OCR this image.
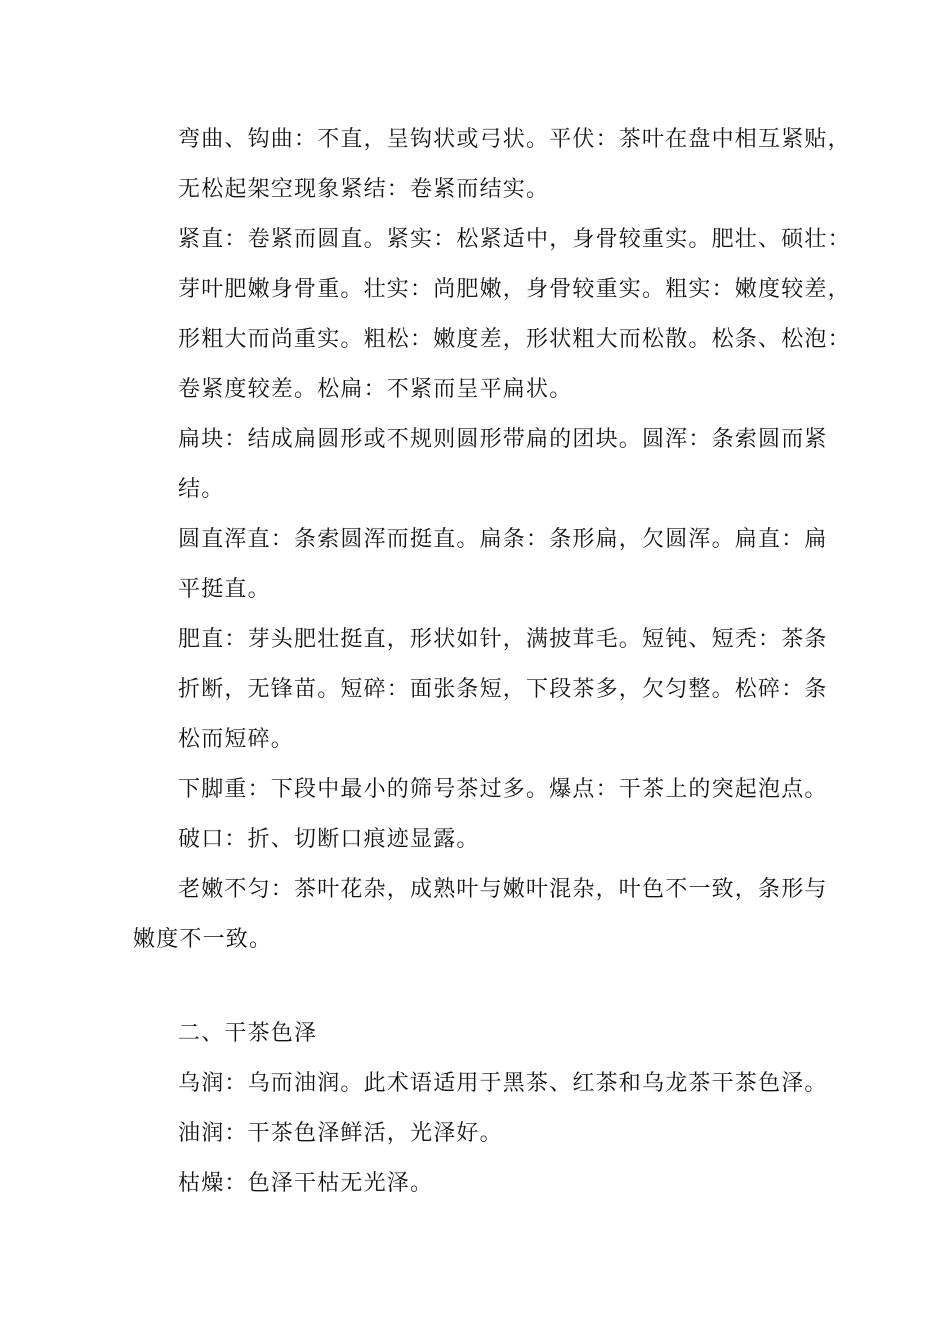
弯曲、钩曲：不直，呈钩状或弓状。平伏：茶叶在盘中相互紧贴，
无松起架空现象紧结：卷紧而结实。
紧直：卷紧而圆直。紧实：松紧适中，身骨较重实。肥壮、硕壮：
芽叶肥嫩身骨重。壮实：尚肥嫩，身骨较重实。粗实：嫩度较差，
形粗大而尚重实。粗松：嫩度差，形状粗大而松散。松条、松泡：
卷紧度较差。松扁：不紧而呈平扁状。
扁块：结成扁圆形或不规则圆形带扁的团块。圆浑：条索圆而紧
结。
圆直浑直：条索圆浑而挺直。扁条：条形扁，欠圆浑。扁直：扁
平挺直。
肥直：芽头肥壮挺直，形状如针，满披茸毛。短钝、短秃：茶条
折断，无锋苗。短碎：面张条短，下段茶多，欠匀整。松碎：条
松而短碎。
下脚重：下段中最小的筛号茶过多。爆点：干茶上的突起泡点。
破口：折、切断口痕迹显露。
老嫩不匀：茶叶花杂，成熟叶与嫩叶混杂，叶色不一致，条形与
嫩度不一致。
二、干茶色泽
乌润：乌而油润。此术语适用于黑茶、红茶和乌龙茶干茶色泽。
油润：干茶色泽鲜活，光泽好。
枯燥：色泽干枯无光泽。
